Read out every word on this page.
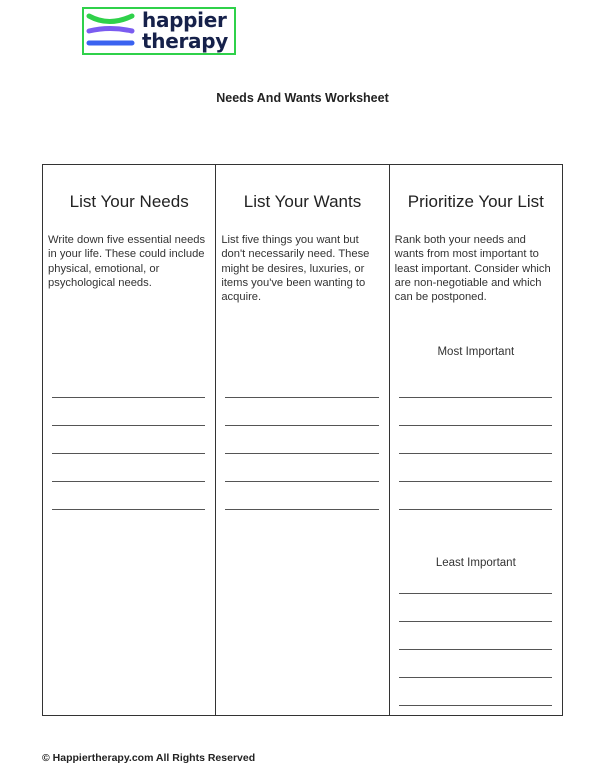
happier
therapy
Needs And Wants Worksheet
List Your Needs
Write down five essential needs in your life. These could include physical, emotional, or psychological needs.
List Your Wants
List five things you want but don't necessarily need. These might be desires, luxuries, or items you've been wanting to acquire.
Prioritize Your List
Rank both your needs and wants from most important to least important. Consider which are non-negotiable and which can be postponed.
Most Important
Least Important
© Happiertherapy.com All Rights Reserved
